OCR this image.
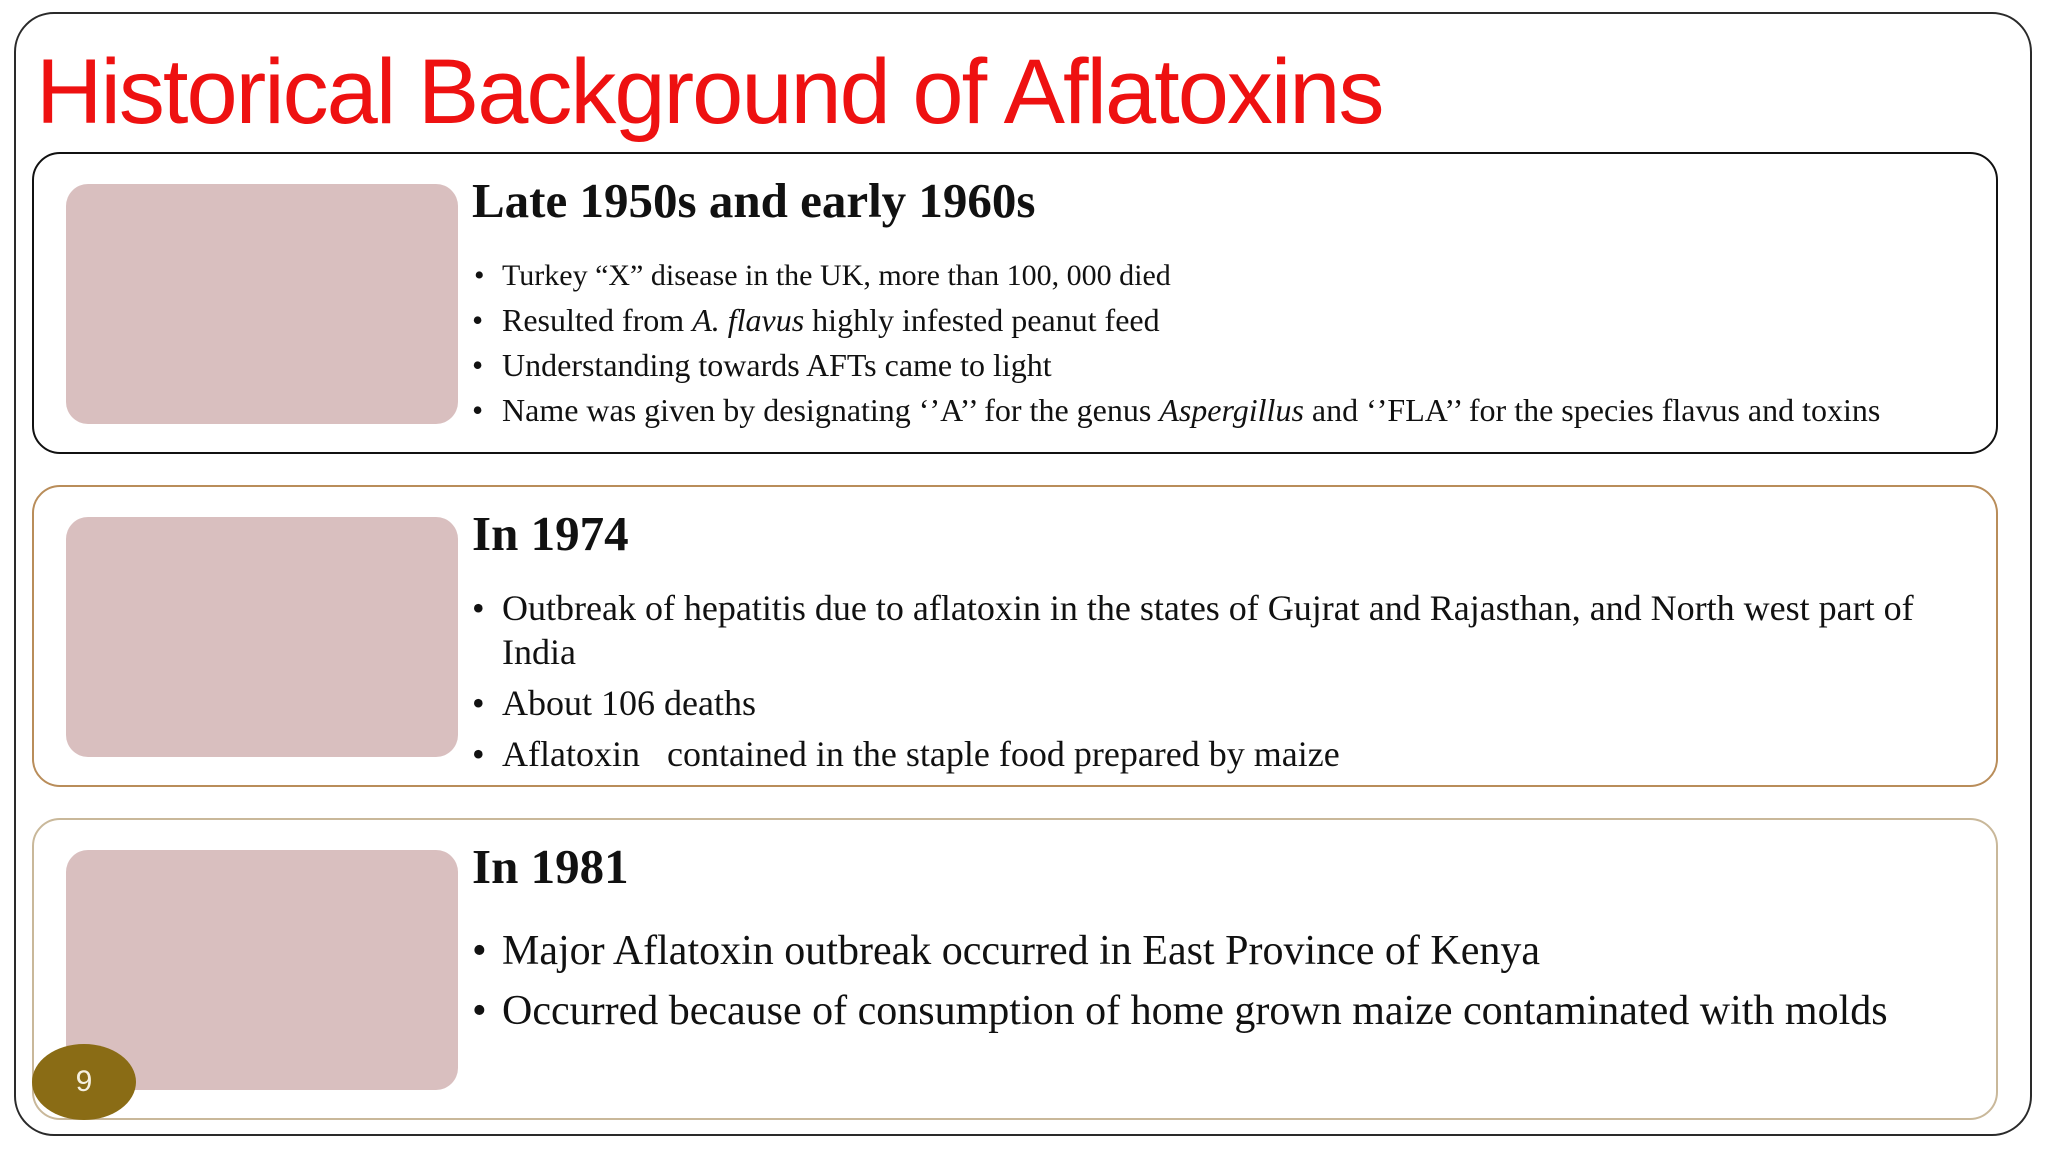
Historical Background of Aflatoxins
Late 1950s and early 1960s
• Turkey “X” disease in the UK, more than 100, 000 died
• Resulted from A. flavus highly infested peanut feed
• Understanding towards AFTs came to light
• Name was given by designating ‘’A’’ for the genus Aspergillus and ‘’FLA’’ for the species flavus and toxins
In 1974
• Outbreak of hepatitis due to aflatoxin in the states of Gujrat and Rajasthan, and North west part of India
• About 106 deaths
• Aflatoxin   contained in the staple food prepared by maize
In 1981
• Major Aflatoxin outbreak occurred in East Province of Kenya
• Occurred because of consumption of home grown maize contaminated with molds
9
